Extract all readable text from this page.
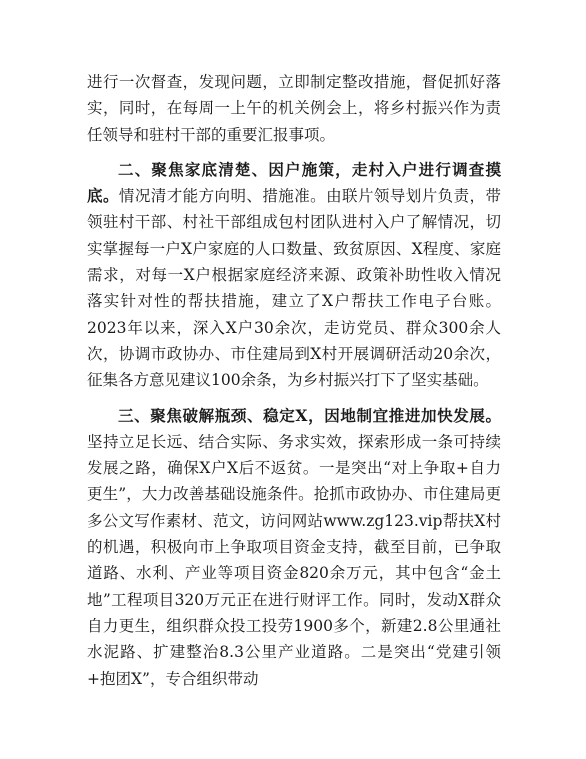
进行一次督查，发现问题，立即制定整改措施，督促抓好落实，同时，在每周一上午的机关例会上，将乡村振兴作为责任领导和驻村干部的重要汇报事项。

二、聚焦家底清楚、因户施策，走村入户进行调查摸底。情况清才能方向明、措施准。由联片领导划片负责，带领驻村干部、村社干部组成包村团队进村入户了解情况，切实掌握每一户X户家庭的人口数量、致贫原因、X程度、家庭需求，对每一X户根据家庭经济来源、政策补助性收入情况落实针对性的帮扶措施，建立了X户帮扶工作电子台账。2023年以来，深入X户30余次，走访党员、群众300余人次，协调市政协办、市住建局到X村开展调研活动20余次，征集各方意见建议100余条，为乡村振兴打下了坚实基础。

三、聚焦破解瓶颈、稳定X，因地制宜推进加快发展。坚持立足长远、结合实际、务求实效，探索形成一条可持续发展之路，确保X户X后不返贫。一是突出“对上争取+自力更生”，大力改善基础设施条件。抢抓市政协办、市住建局更多公文写作素材、范文，访问网站www.zg123.vip帮扶X村的机遇，积极向市上争取项目资金支持，截至目前，已争取道路、水利、产业等项目资金820余万元，其中包含“金土地”工程项目320万元正在进行财评工作。同时，发动X群众自力更生，组织群众投工投劳1900多个，新建2.8公里通社水泥路、扩建整治8.3公里产业道路。二是突出“党建引领+抱团X”，专合组织带动
